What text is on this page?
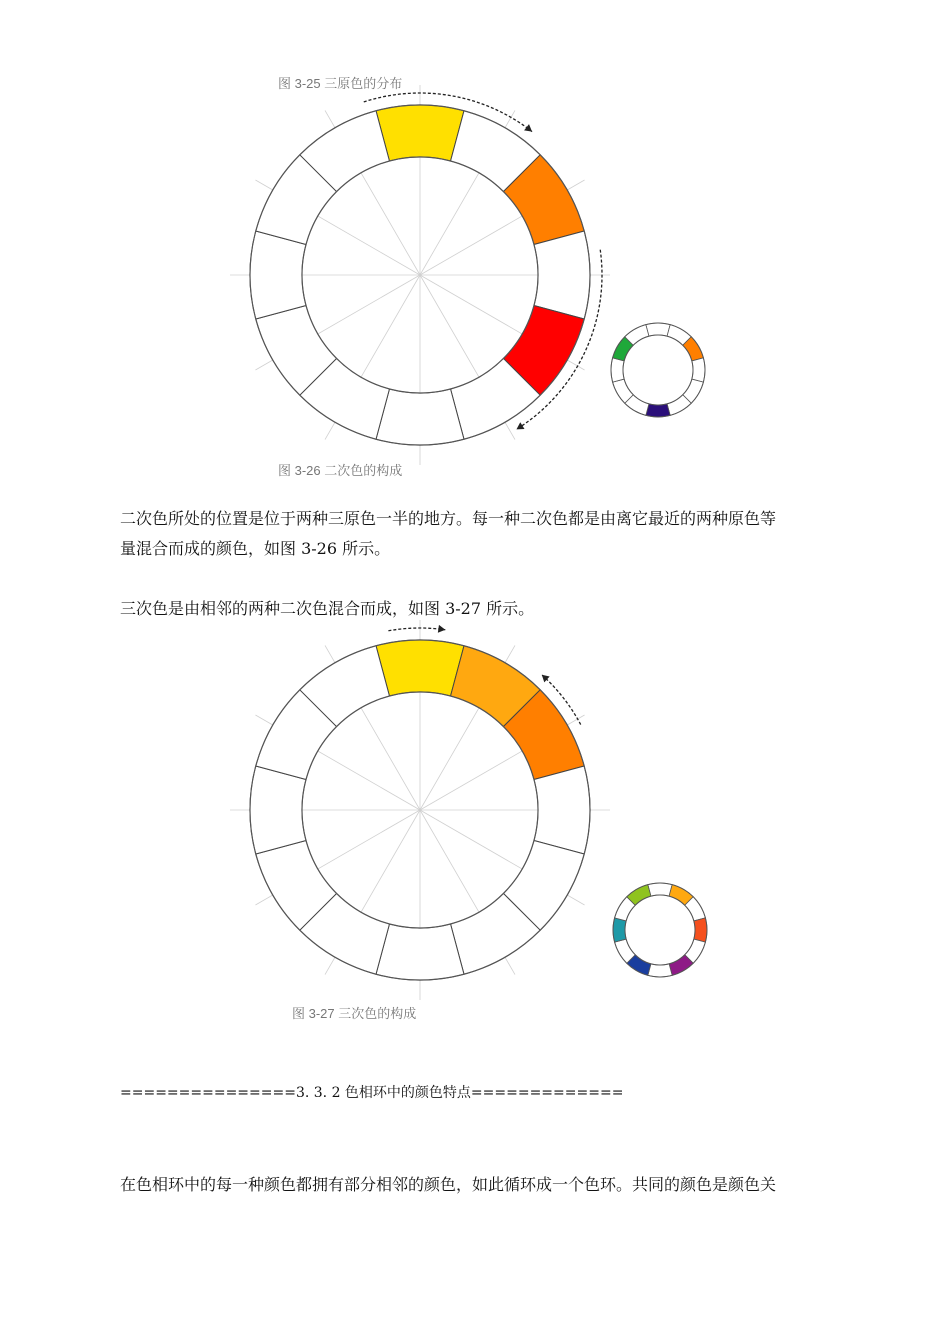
图 3-25 三原色的分布
图 3-26 二次色的构成

二次色所处的位置是位于两种三原色一半的地方。每一种二次色都是由离它最近的两种原色等

量混合而成的颜色，如图 3-26 所示。

三次色是由相邻的两种二次色混合而成，如图 3-27 所示。

图 3-27 三次色的构成

===============3. 3. 2 色相环中的颜色特点=============

在色相环中的每一种颜色都拥有部分相邻的颜色，如此循环成一个色环。共同的颜色是颜色关
